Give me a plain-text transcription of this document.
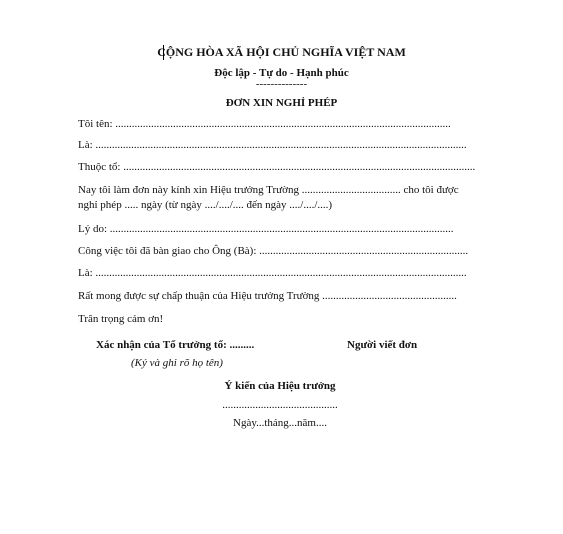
CỘNG HÒA XÃ HỘI CHỦ NGHĨA VIỆT NAM
Độc lập - Tự do - Hạnh phúc
--------------
ĐƠN XIN NGHỈ PHÉP
Tôi tên: ..........................................................................................................................
Là: .......................................................................................................................................
Thuộc tổ: ................................................................................................................................
Nay tôi làm đơn này kính xin Hiệu trưởng Trường .................................... cho tôi được
nghỉ phép ..... ngày (từ ngày ..../..../.... đến ngày ..../..../....)
Lý do: .............................................................................................................................
Công việc tôi đã bàn giao cho Ông (Bà): ............................................................................
Là: .......................................................................................................................................
Rất mong được sự chấp thuận của Hiệu trưởng Trường .................................................
Trân trọng cảm ơn!
Xác nhận của Tổ trưởng tổ: .........	Người viết đơn
(Ký và ghi rõ họ tên)
Ý kiến của Hiệu trưởng
..........................................
Ngày...tháng...năm....
